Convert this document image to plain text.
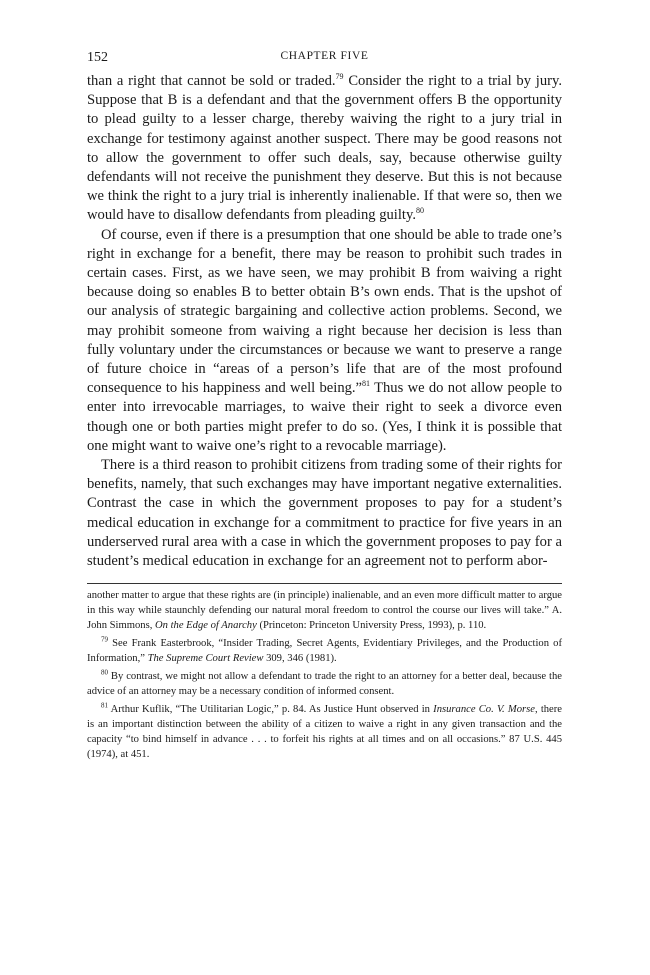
152	CHAPTER FIVE

than a right that cannot be sold or traded.$^{79}$ Consider the right to a trial by jury. Suppose that B is a defendant and that the government offers B the opportunity to plead guilty to a lesser charge, thereby waiving the right to a jury trial in exchange for testimony against another suspect. There may be good reasons not to allow the government to offer such deals, say, because otherwise guilty defendants will not receive the punishment they deserve. But this is not because we think the right to a jury trial is inherently inalienable. If that were so, then we would have to disallow defendants from pleading guilty.$^{80}$

Of course, even if there is a presumption that one should be able to trade one’s right in exchange for a benefit, there may be reason to prohibit such trades in certain cases. First, as we have seen, we may prohibit B from waiving a right because doing so enables B to better obtain B’s own ends. That is the upshot of our analysis of strategic bargaining and collective action problems. Second, we may prohibit someone from waiving a right because her decision is less than fully voluntary under the circumstances or because we want to preserve a range of future choice in “areas of a person’s life that are of the most profound consequence to his happiness and well being.”$^{81}$ Thus we do not allow people to enter into irrevocable marriages, to waive their right to seek a divorce even though one or both parties might prefer to do so. (Yes, I think it is possible that one might want to waive one’s right to a revocable marriage).

There is a third reason to prohibit citizens from trading some of their rights for benefits, namely, that such exchanges may have important negative externalities. Contrast the case in which the government proposes to pay for a student’s medical education in exchange for a commitment to practice for five years in an underserved rural area with a case in which the government proposes to pay for a student’s medical education in exchange for an agreement not to perform abor-

another matter to argue that these rights are (in principle) inalienable, and an even more difficult matter to argue in this way while staunchly defending our natural moral freedom to control the course our lives will take.” A. John Simmons, On the Edge of Anarchy (Princeton: Princeton University Press, 1993), p. 110.

$^{79}$ See Frank Easterbrook, “Insider Trading, Secret Agents, Evidentiary Privileges, and the Production of Information,” The Supreme Court Review 309, 346 (1981).

$^{80}$ By contrast, we might not allow a defendant to trade the right to an attorney for a better deal, because the advice of an attorney may be a necessary condition of informed consent.

$^{81}$ Arthur Kuflik, “The Utilitarian Logic,” p. 84. As Justice Hunt observed in Insurance Co. V. Morse, there is an important distinction between the ability of a citizen to waive a right in any given transaction and the capacity “to bind himself in advance . . . to forfeit his rights at all times and on all occasions.” 87 U.S. 445 (1974), at 451.
